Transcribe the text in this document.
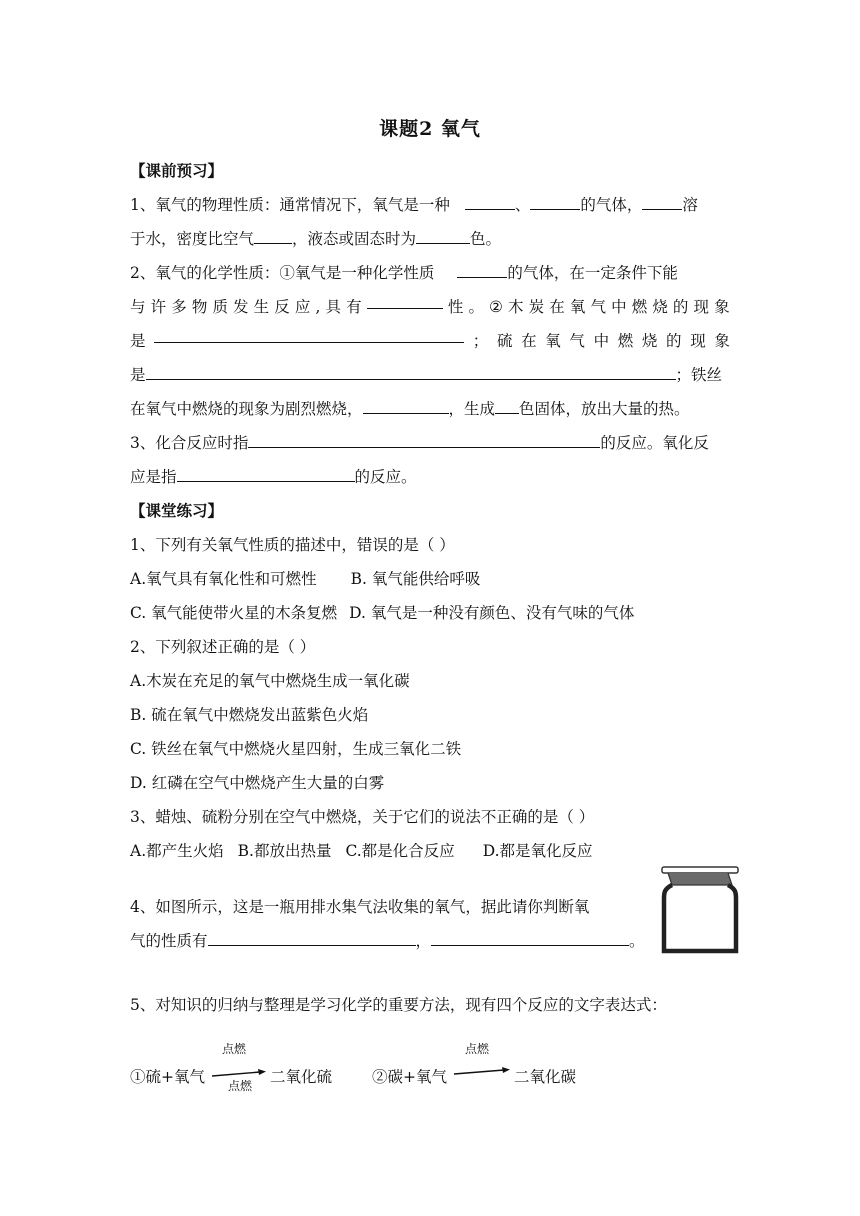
课题2 氧气
【课前预习】
1、氧气的物理性质：通常情况下，氧气是一种	、	的气体，	溶
于水，密度比空气 ，液态或固态时为	色。
2、氧气的化学性质：①氧气是一种化学性质	的气体，在一定条件下能
与 许 多 物 质 发 生 反 应 , 具 有	性 。 ② 木 炭 在 氧 气 中 燃 烧 的 现 象
是	； 硫 在 氧 气 中 燃 烧 的 现 象
是	；铁丝
在氧气中燃烧的现象为剧烈燃烧，	，生成 色固体，放出大量的热。
3、化合反应时指	的反应。氧化反
应是指	的反应。
【课堂练习】
1、下列有关氧气性质的描述中，错误的是（ ）
A.氧气具有氧化性和可燃性 B. 氧气能供给呼吸
C. 氧气能使带火星的木条复燃 D. 氧气是一种没有颜色、没有气味的气体
2、下列叙述正确的是（ ）
A.木炭在充足的氧气中燃烧生成一氧化碳
B. 硫在氧气中燃烧发出蓝紫色火焰
C. 铁丝在氧气中燃烧火星四射，生成三氧化二铁
D. 红磷在空气中燃烧产生大量的白雾
3、蜡烛、硫粉分别在空气中燃烧，关于它们的说法不正确的是（ ）
A.都产生火焰 B.都放出热量 C.都是化合反应 D.都是氧化反应
4、如图所示，这是一瓶用排水集气法收集的氧气，据此请你判断氧
气的性质有	，	。
5、对知识的归纳与整理是学习化学的重要方法，现有四个反应的文字表达式：
①硫+氧气
点燃
点燃 二氧化硫	②碳+氧气
点燃
二氧化碳
